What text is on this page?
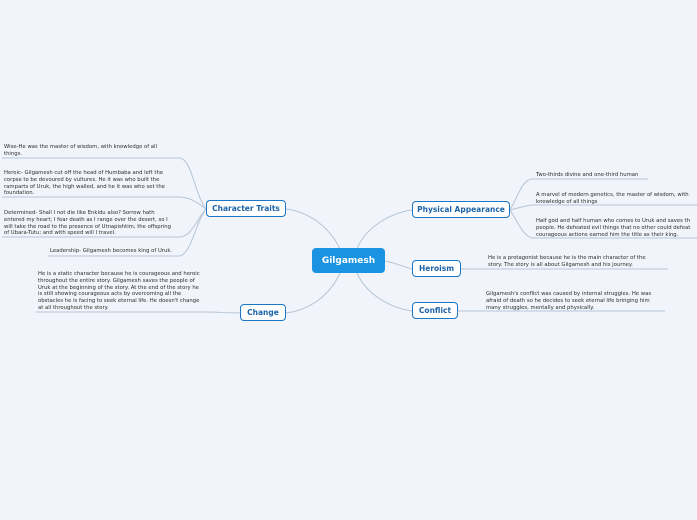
Gilgamesh
Character Traits
Change
Physical Appearance
Heroism
Conflict
Wise-He was the master of wisdom, with knowledge of all
things.
Heroic- Gilgamesh cut off the head of Humbaba and left the
corpse to be devoured by vultures. He it was who built the
ramparts of Uruk, the high walled, and he it was who set the
foundation.
Determined- Shall I not die like Enkidu also? Sorrow hath
entered my heart; I fear death as I range over the desert, so I
will take the road to the presence of Utnapishtim, the offspring
of Ubara-Tutu; and with speed will I travel.
Leadership- Gilgamesh becomes king of Uruk.
He is a static character because he is courageous and heroic
throughout the entire story. Gilgamesh saves the people of
Uruk at the beginning of the story. At the end of the story he
is still showing courageous acts by overcoming all the
obstacles he is facing to seek eternal life. He doesn't change
at all throughout the story.
Two-thirds divine and one-third human
A marvel of modern genetics, the master of wisdom, with
knowledge of all things
Half god and half human who comes to Uruk and saves th
people. He defeated evil things that no other could defeat
courageous actions earned him the title as their king.
He is a protagonist because he is the main character of the
story. The story is all about Gilgamesh and his journey.
Gilgamesh's conflict was caused by internal struggles. He was
afraid of death so he decides to seek eternal life bringing him
many struggles, mentally and physically.
